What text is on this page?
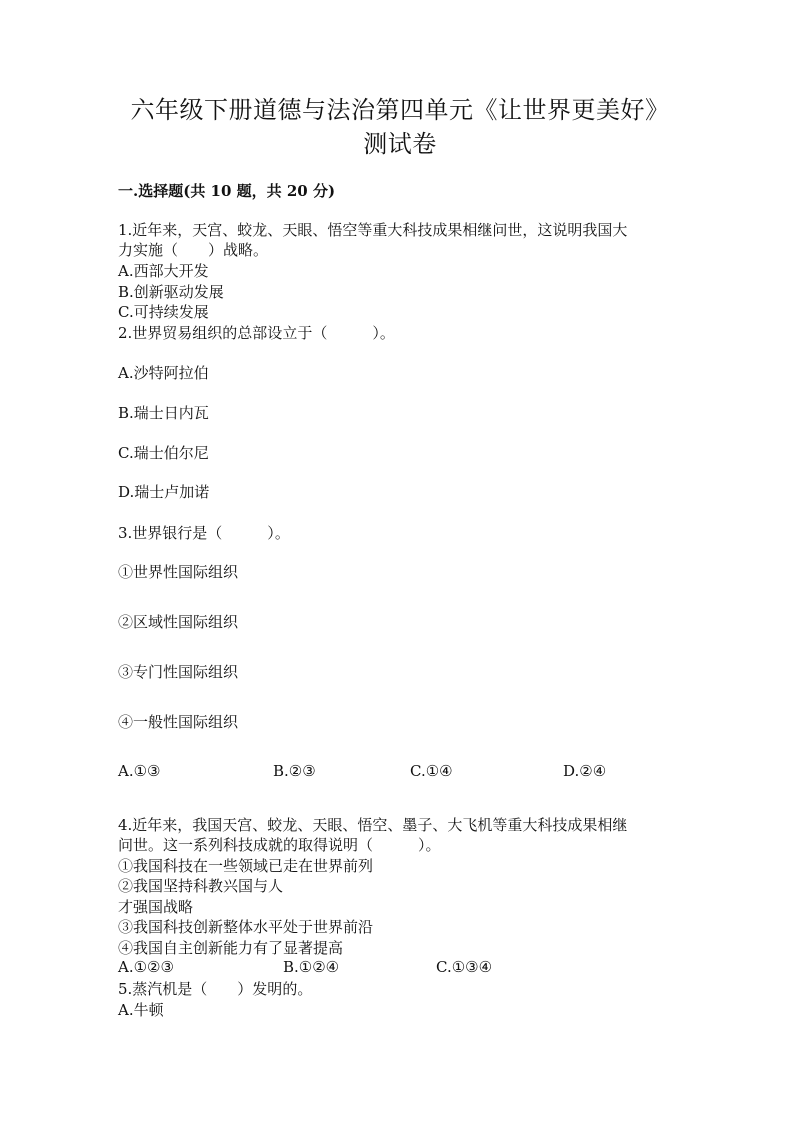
六年级下册道德与法治第四单元《让世界更美好》
测试卷
一.选择题(共 10 题，共 20 分)
1.近年来，天宫、蛟龙、天眼、悟空等重大科技成果相继问世，这说明我国大
力实施（　　）战略。
A.西部大开发
B.创新驱动发展
C.可持续发展
2.世界贸易组织的总部设立于（　　　）。
A.沙特阿拉伯
B.瑞士日内瓦
C.瑞士伯尔尼
D.瑞士卢加诺
3.世界银行是（　　　）。
①世界性国际组织
②区域性国际组织
③专门性国际组织
④一般性国际组织
A.①③	B.②③	C.①④	D.②④
4.近年来，我国天宫、蛟龙、天眼、悟空、墨子、大飞机等重大科技成果相继
问世。这一系列科技成就的取得说明（　　　）。
①我国科技在一些领域已走在世界前列
②我国坚持科教兴国与人
才强国战略
③我国科技创新整体水平处于世界前沿
④我国自主创新能力有了显著提高
A.①②③	B.①②④	C.①③④
5.蒸汽机是（　　）发明的。
A.牛顿
